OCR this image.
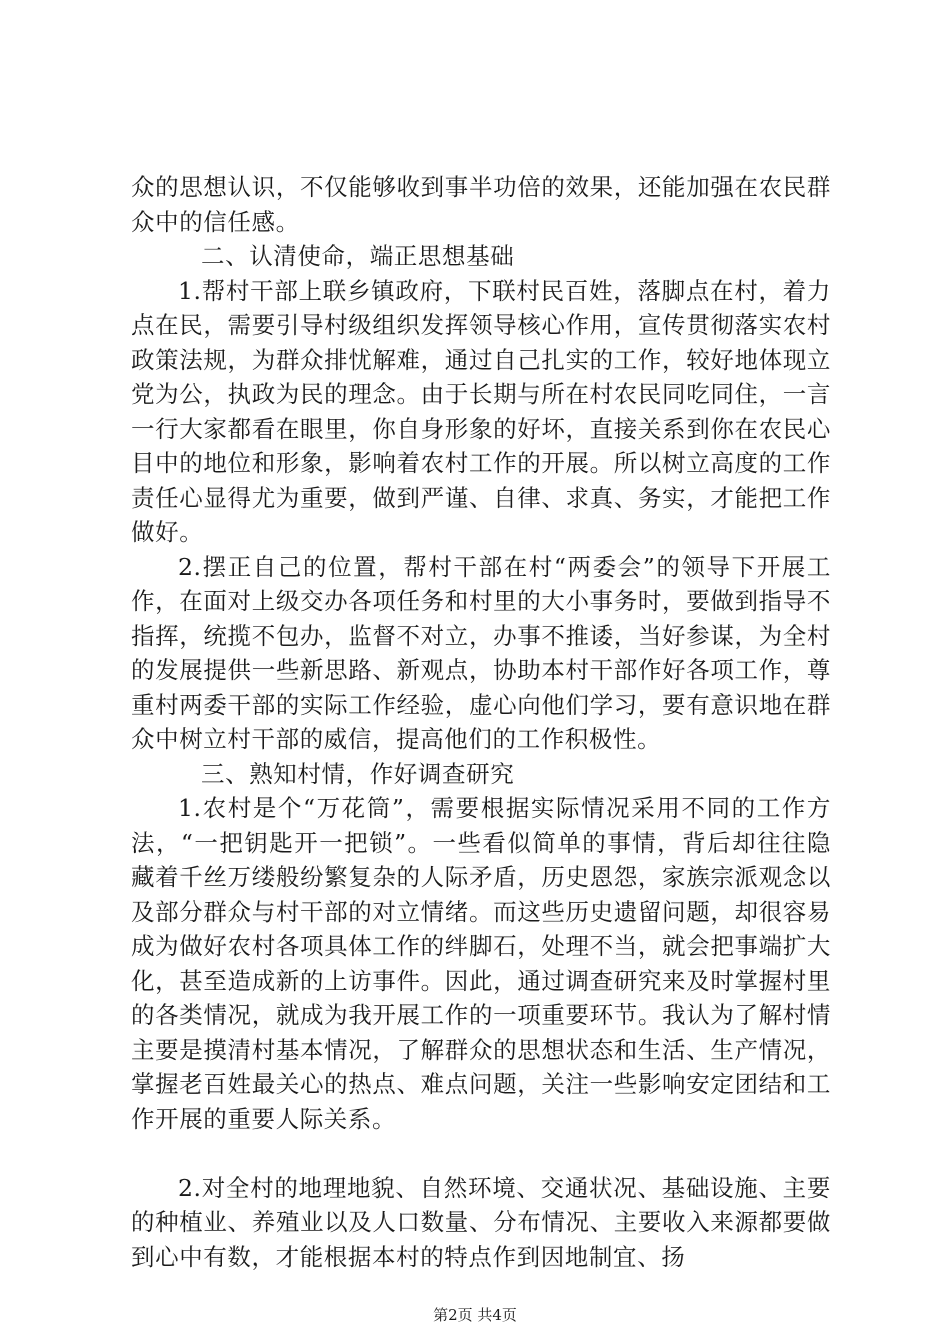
众的思想认识，不仅能够收到事半功倍的效果，还能加强在农民群众中的信任感。

二、认清使命，端正思想基础

1.帮村干部上联乡镇政府，下联村民百姓，落脚点在村，着力点在民，需要引导村级组织发挥领导核心作用，宣传贯彻落实农村政策法规，为群众排忧解难，通过自己扎实的工作，较好地体现立党为公，执政为民的理念。由于长期与所在村农民同吃同住，一言一行大家都看在眼里，你自身形象的好坏，直接关系到你在农民心目中的地位和形象，影响着农村工作的开展。所以树立高度的工作责任心显得尤为重要，做到严谨、自律、求真、务实，才能把工作做好。

2.摆正自己的位置，帮村干部在村“两委会”的领导下开展工作，在面对上级交办各项任务和村里的大小事务时，要做到指导不指挥，统揽不包办，监督不对立，办事不推诿，当好参谋，为全村的发展提供一些新思路、新观点，协助本村干部作好各项工作，尊重村两委干部的实际工作经验，虚心向他们学习，要有意识地在群众中树立村干部的威信，提高他们的工作积极性。

三、熟知村情，作好调查研究

1.农村是个“万花筒”，需要根据实际情况采用不同的工作方法，“一把钥匙开一把锁”。一些看似简单的事情，背后却往往隐藏着千丝万缕般纷繁复杂的人际矛盾，历史恩怨，家族宗派观念以及部分群众与村干部的对立情绪。而这些历史遗留问题，却很容易成为做好农村各项具体工作的绊脚石，处理不当，就会把事端扩大化，甚至造成新的上访事件。因此，通过调查研究来及时掌握村里的各类情况，就成为我开展工作的一项重要环节。我认为了解村情主要是摸清村基本情况，了解群众的思想状态和生活、生产情况，掌握老百姓最关心的热点、难点问题，关注一些影响安定团结和工作开展的重要人际关系。

2.对全村的地理地貌、自然环境、交通状况、基础设施、主要的种植业、养殖业以及人口数量、分布情况、主要收入来源都要做到心中有数，才能根据本村的特点作到因地制宜、扬

第2页 共4页
